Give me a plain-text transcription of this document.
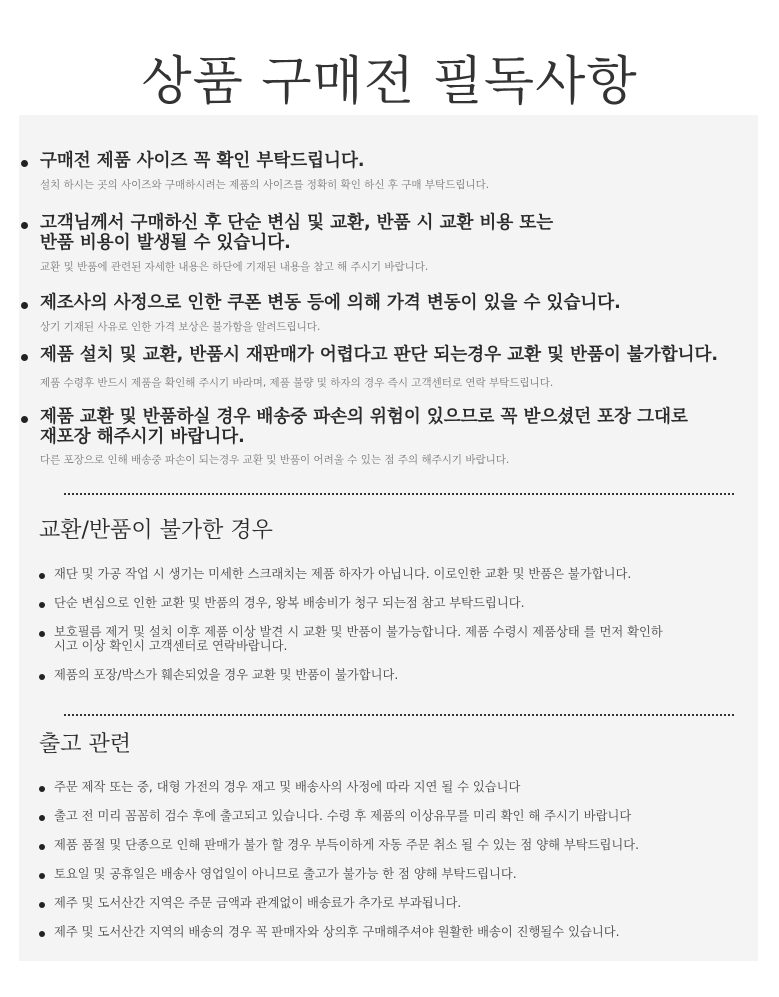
상품 구매전 필독사항
구매전 제품 사이즈 꼭 확인 부탁드립니다.
설치 하시는 곳의 사이즈와 구매하시려는 제품의 사이즈를 정확히 확인 하신 후 구매 부탁드립니다.
고객님께서 구매하신 후 단순 변심 및 교환, 반품 시 교환 비용 또는
반품 비용이 발생될 수 있습니다.
교환 및 반품에 관련된 자세한 내용은 하단에 기재된 내용을 참고 해 주시기 바랍니다.
제조사의 사정으로 인한 쿠폰 변동 등에 의해 가격 변동이 있을 수 있습니다.
상기 기재된 사유로 인한 가격 보상은 불가함을 알려드립니다.
제품 설치 및 교환, 반품시 재판매가 어렵다고 판단 되는경우 교환 및 반품이 불가합니다.
제품 수령후 반드시 제품을 확인해 주시기 바라며, 제품 불량 및 하자의 경우 즉시 고객센터로 연락 부탁드립니다.
제품 교환 및 반품하실 경우 배송중 파손의 위험이 있으므로 꼭 받으셨던 포장 그대로
재포장 해주시기 바랍니다.
다른 포장으로 인해 배송중 파손이 되는경우 교환 및 반품이 어려울 수 있는 점 주의 해주시기 바랍니다.
교환/반품이 불가한 경우
재단 및 가공 작업 시 생기는 미세한 스크래치는 제품 하자가 아닙니다. 이로인한 교환 및 반품은 불가합니다.
단순 변심으로 인한 교환 및 반품의 경우, 왕복 배송비가 청구 되는점 참고 부탁드립니다.
보호필름 제거 및 설치 이후 제품 이상 발견 시 교환 및 반품이 불가능합니다. 제품 수령시 제품상태 를 먼저 확인하
시고 이상 확인시 고객센터로 연락바랍니다.
제품의 포장/박스가 훼손되었을 경우 교환 및 반품이 불가합니다.
출고 관련
주문 제작 또는 중, 대형 가전의 경우 재고 및 배송사의 사정에 따라 지연 될 수 있습니다
출고 전 미리 꼼꼼히 검수 후에 출고되고 있습니다. 수령 후 제품의 이상유무를 미리 확인 해 주시기 바랍니다
제품 품절 및 단종으로 인해 판매가 불가 할 경우 부득이하게 자동 주문 취소 될 수 있는 점 양해 부탁드립니다.
토요일 및 공휴일은 배송사 영업일이 아니므로 출고가 불가능 한 점 양해 부탁드립니다.
제주 및 도서산간 지역은 주문 금액과 관계없이 배송료가 추가로 부과됩니다.
제주 및 도서산간 지역의 배송의 경우 꼭 판매자와 상의후 구매해주셔야 원활한 배송이 진행될수 있습니다.
